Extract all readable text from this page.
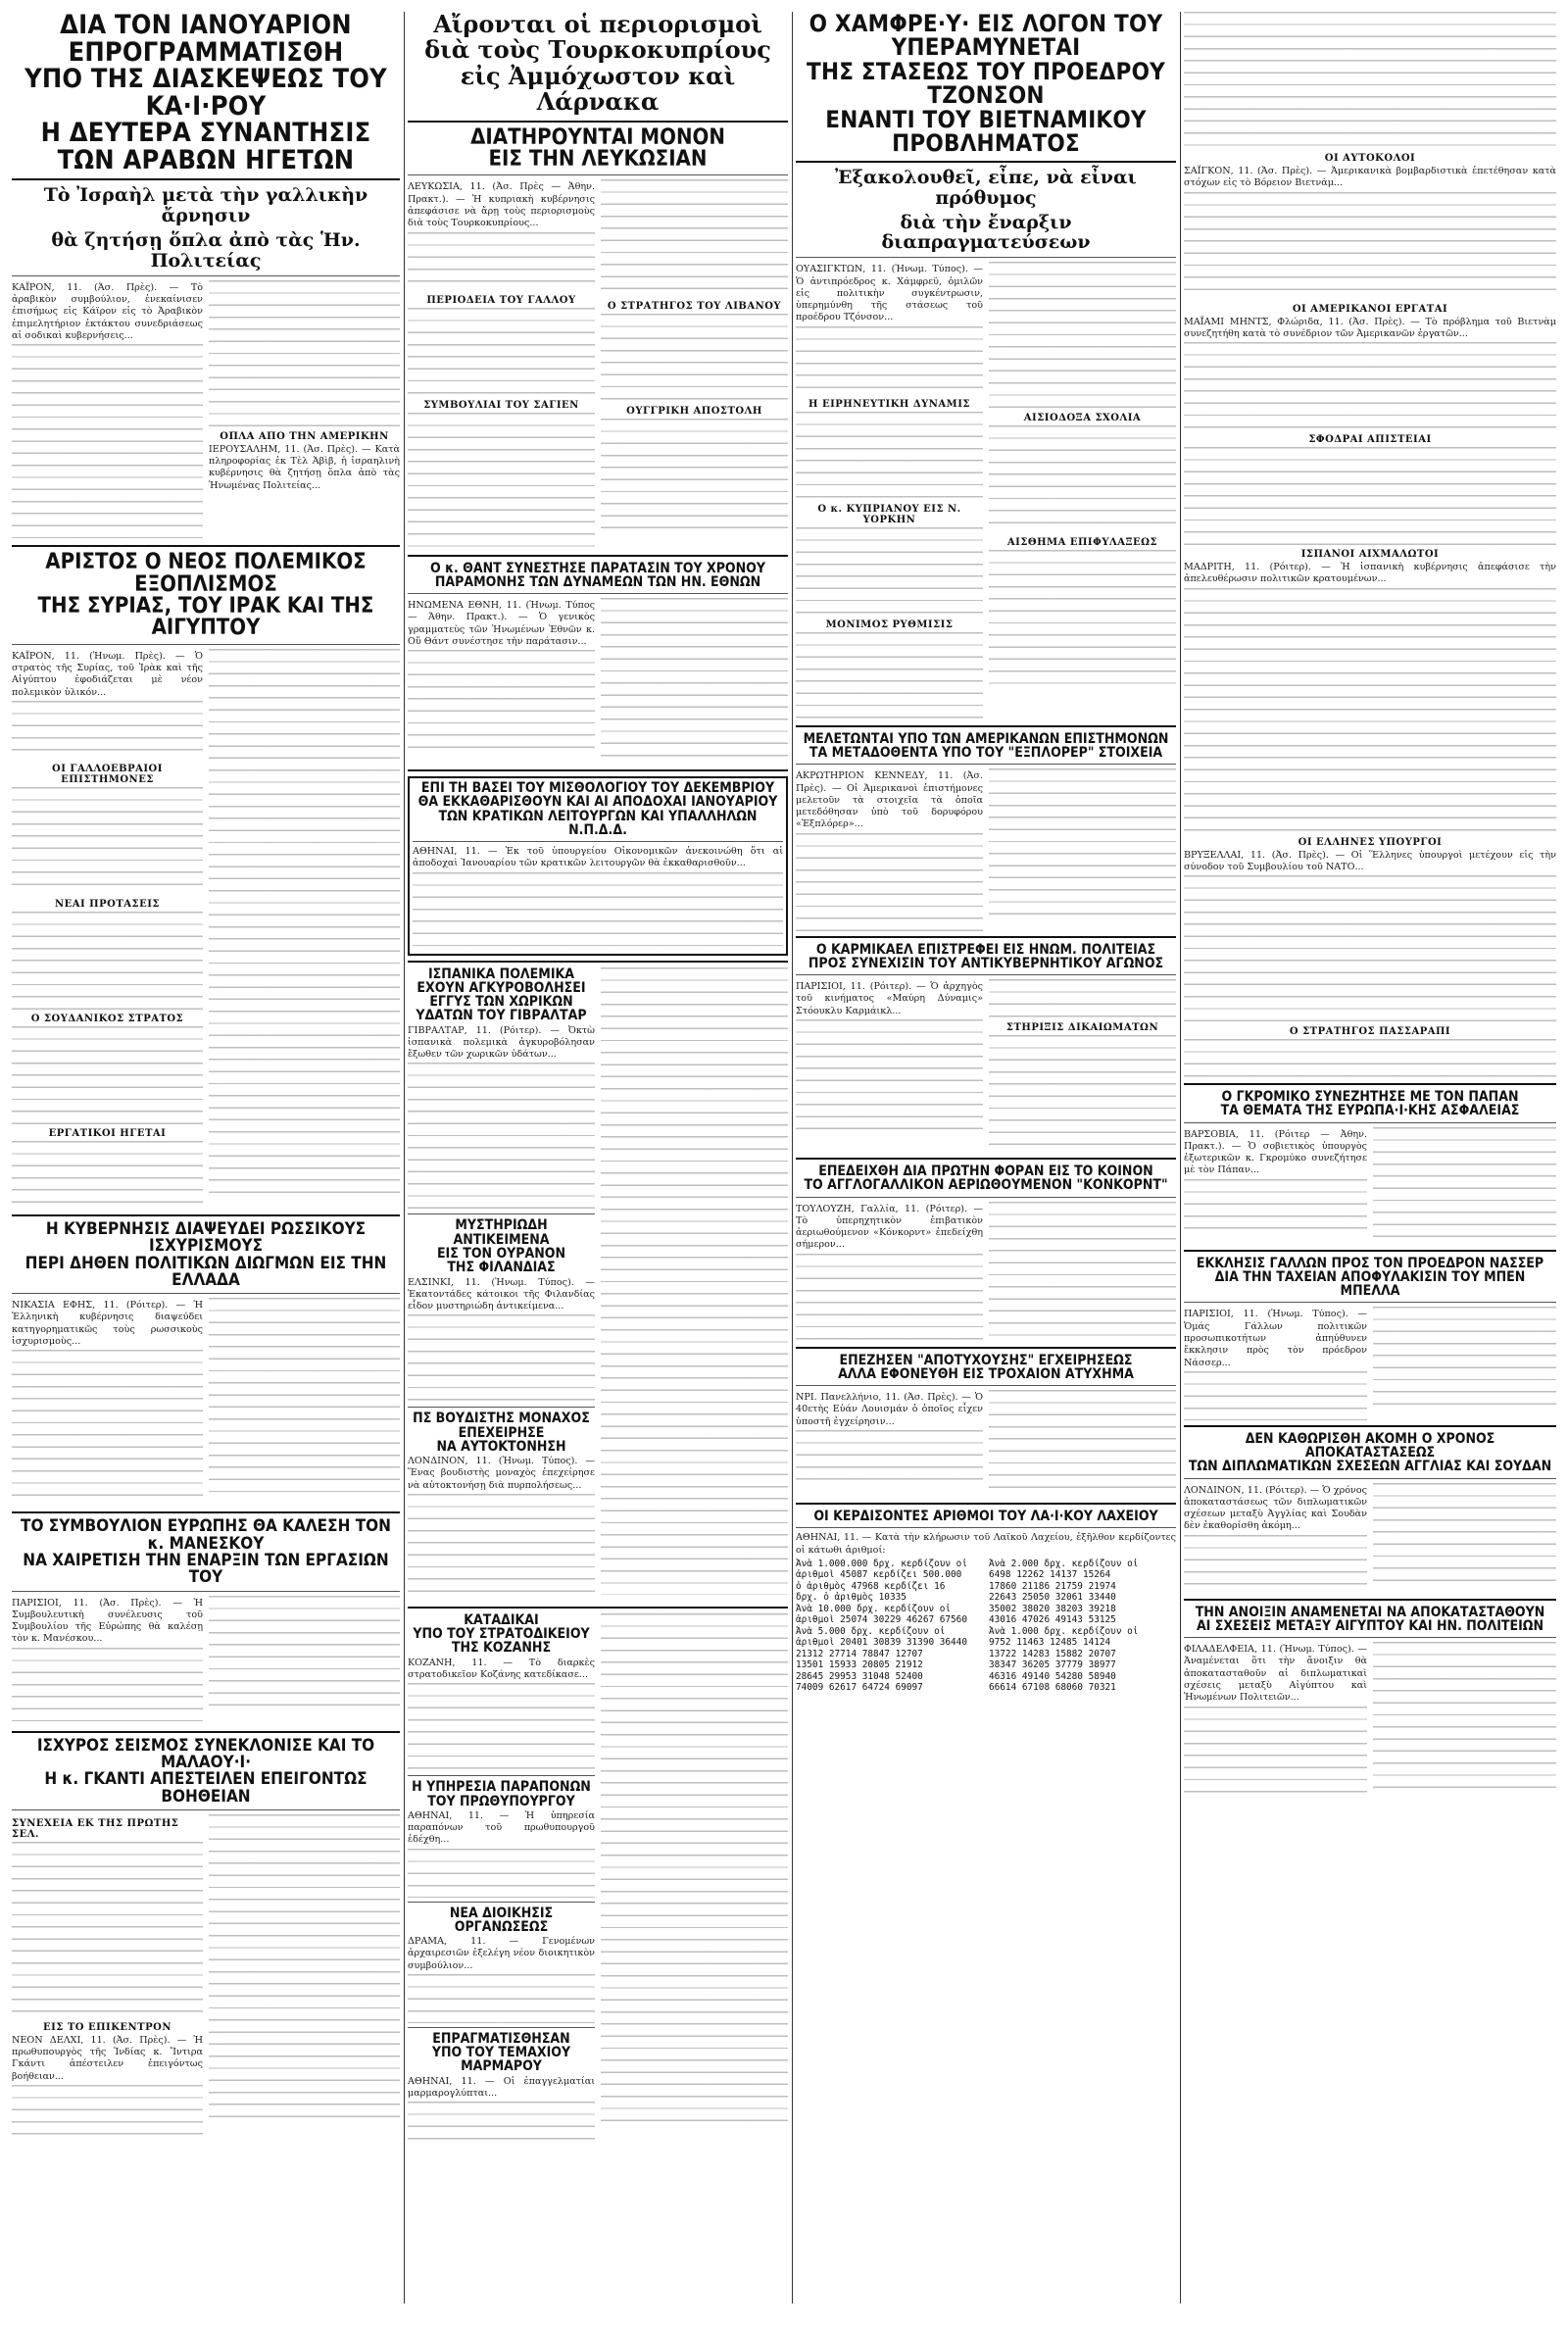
ΔΙΑ ΤΟΝ ΙΑΝΟΥΑΡΙΟΝ ΕΠΡΟΓΡΑΜΜΑΤΙΣΘΗ
ΥΠΟ ΤΗΣ ΔΙΑΣΚΕΨΕΩΣ ΤΟΥ ΚΑ·Ι·ΡΟΥ
Η ΔΕΥΤΕΡΑ ΣΥΝΑΝΤΗΣΙΣ ΤΩΝ ΑΡΑΒΩΝ ΗΓΕΤΩΝ
Τὸ Ἰσραὴλ μετὰ τὴν γαλλικὴν ἄρνησιν
θὰ ζητήσῃ ὅπλα ἀπὸ τὰς Ἡν. Πολιτείας

ΚΑΪΡΟΝ, 11. (Ἀσ. Πρὲς). — Τὸ ἀραβικὸν συμβούλιον, ἐνεκαίνισεν ἐπισήμως εἰς Κάϊρον εἰς τὸ Ἀραβικὸν ἐπιμελητήριον ἐκτάκτου συνεδριάσεως αἱ σοδικαὶ κυβερνήσεις...

ΟΠΛΑ ΑΠΟ ΤΗΝ ΑΜΕΡΙΚΗΝ

ΙΕΡΟΥΣΑΛΗΜ, 11. (Ἀσ. Πρὲς). — Κατὰ πληροφορίας ἐκ Τὲλ Ἀβὶβ, ἡ ἰσραηλινὴ κυβέρνησις θὰ ζητήσῃ ὅπλα ἀπὸ τὰς Ἡνωμένας Πολιτείας...

ΑΡΙΣΤΟΣ Ο ΝΕΟΣ ΠΟΛΕΜΙΚΟΣ ΕΞΟΠΛΙΣΜΟΣ
ΤΗΣ ΣΥΡΙΑΣ, ΤΟΥ ΙΡΑΚ ΚΑΙ ΤΗΣ ΑΙΓΥΠΤΟΥ

ΚΑΪΡΟΝ, 11. (Ἠνωμ. Πρὲς). — Ὁ στρατὸς τῆς Συρίας, τοῦ Ἰρὰκ καὶ τῆς Αἰγύπτου ἐφοδιάζεται μὲ νέον πολεμικὸν ὑλικόν...

ΟΙ ΓΑΛΛΟΕΒΡΑΙΟΙ ΕΠΙΣΤΗΜΟΝΕΣ
ΝΕΑΙ ΠΡΟΤΑΣΕΙΣ
Ο ΣΟΥΔΑΝΙΚΟΣ ΣΤΡΑΤΟΣ
ΕΡΓΑΤΙΚΟΙ ΗΓΕΤΑΙ
Η ΚΥΒΕΡΝΗΣΙΣ ΔΙΑΨΕΥΔΕΙ ΡΩΣΣΙΚΟΥΣ ΙΣΧΥΡΙΣΜΟΥΣ
ΠΕΡΙ ΔΗΘΕΝ ΠΟΛΙΤΙΚΩΝ ΔΙΩΓΜΩΝ ΕΙΣ ΤΗΝ ΕΛΛΑΔΑ

ΝΙΚΑΣΙΑ ΕΦΗΣ, 11. (Ρόιτερ). — Ἡ Ἑλληνικὴ κυβέρνησις διαψεύδει κατηγορηματικῶς τοὺς ρωσσικοὺς ἰσχυρισμοὺς...

ΤΟ ΣΥΜΒΟΥΛΙΟΝ ΕΥΡΩΠΗΣ ΘΑ ΚΑΛΕΣΗ ΤΟΝ κ. ΜΑΝΕΣΚΟΥ
ΝΑ ΧΑΙΡΕΤΙΣΗ ΤΗΝ ΕΝΑΡΞΙΝ ΤΩΝ ΕΡΓΑΣΙΩΝ ΤΟΥ

ΠΑΡΙΣΙΟΙ, 11. (Ἀσ. Πρὲς). — Ἡ Συμβουλευτικὴ συνέλευσις τοῦ Συμβουλίου τῆς Εὐρώπης θὰ καλέσῃ τὸν κ. Μανέσκου...

ΙΣΧΥΡΟΣ ΣΕΙΣΜΟΣ ΣΥΝΕΚΛΟΝΙΣΕ ΚΑΙ ΤΟ ΜΑΛΑΟΥ·Ι·
Η κ. ΓΚΑΝΤΙ ΑΠΕΣΤΕΙΛΕΝ ΕΠΕΙΓΟΝΤΩΣ ΒΟΗΘΕΙΑΝ
ΣΥΝΕΧΕΙΑ ΕΚ ΤΗΣ ΠΡΩΤΗΣ ΣΕΛ.
ΕΙΣ ΤΟ ΕΠΙΚΕΝΤΡΟΝ

ΝΕΟΝ ΔΕΛΧΙ, 11. (Ἀσ. Πρὲς). — Ἡ πρωθυπουργὸς τῆς Ἰνδίας κ. Ἴντιρα Γκάντι ἀπέστειλεν ἐπειγόντως βοήθειαν...

Αἴρονται οἱ περιορισμοὶ
διὰ τοὺς Τουρκοκυπρίους
εἰς Ἀμμόχωστον καὶ Λάρνακα
ΔΙΑΤΗΡΟΥΝΤΑΙ ΜΟΝΟΝ
ΕΙΣ ΤΗΝ ΛΕΥΚΩΣΙΑΝ

ΛΕΥΚΩΣΙΑ, 11. (Ἀσ. Πρὲς — Ἀθην. Πρακτ.). — Ἡ κυπριακὴ κυβέρνησις ἀπεφάσισε νὰ ἄρῃ τοὺς περιορισμοὺς διὰ τοὺς Τουρκοκυπρίους...

ΠΕΡΙΟΔΕΙΑ ΤΟΥ ΓΑΛΛΟΥ
ΣΥΜΒΟΥΛΙΑΙ ΤΟΥ ΣΑΓΙΕΝ
Ο ΣΤΡΑΤΗΓΟΣ ΤΟΥ ΛΙΒΑΝΟΥ
ΟΥΓΓΡΙΚΗ ΑΠΟΣΤΟΛΗ
Ο κ. ΘΑΝΤ ΣΥΝΕΣΤΗΣΕ ΠΑΡΑΤΑΣΙΝ ΤΟΥ ΧΡΟΝΟΥ
ΠΑΡΑΜΟΝΗΣ ΤΩΝ ΔΥΝΑΜΕΩΝ ΤΩΝ ΗΝ. ΕΘΝΩΝ

ΗΝΩΜΕΝΑ ΕΘΝΗ, 11. (Ἠνωμ. Τύπος — Ἀθην. Πρακτ.). — Ὁ γενικὸς γραμματεὺς τῶν Ἡνωμένων Ἐθνῶν κ. Οὔ Θάντ συνέστησε τὴν παράτασιν...

ΕΠΙ ΤΗ ΒΑΣΕΙ ΤΟΥ ΜΙΣΘΟΛΟΓΙΟΥ ΤΟΥ ΔΕΚΕΜΒΡΙΟΥ
ΘΑ ΕΚΚΑΘΑΡΙΣΘΟΥΝ ΚΑΙ ΑΙ ΑΠΟΔΟΧΑΙ ΙΑΝΟΥΑΡΙΟΥ
ΤΩΝ ΚΡΑΤΙΚΩΝ ΛΕΙΤΟΥΡΓΩΝ ΚΑΙ ΥΠΑΛΛΗΛΩΝ Ν.Π.Δ.Δ.

ΑΘΗΝΑΙ, 11. — Ἐκ τοῦ ὑπουργείου Οἰκονομικῶν ἀνεκοινώθη ὅτι αἱ ἀποδοχαὶ Ἰανουαρίου τῶν κρατικῶν λειτουργῶν θὰ ἐκκαθαρισθοῦν...

ΙΣΠΑΝΙΚΑ ΠΟΛΕΜΙΚΑ
ΕΧΟΥΝ ΑΓΚΥΡΟΒΟΛΗΣΕΙ
ΕΓΓΥΣ ΤΩΝ ΧΩΡΙΚΩΝ
ΥΔΑΤΩΝ ΤΟΥ ΓΙΒΡΑΛΤΑΡ

ΓΙΒΡΑΛΤΑΡ, 11. (Ρόιτερ). — Ὀκτὼ ἱσπανικὰ πολεμικὰ ἀγκυροβόλησαν ἔξωθεν τῶν χωρικῶν ὑδάτων...

ΜΥΣΤΗΡΙΩΔΗ ΑΝΤΙΚΕΙΜΕΝΑ
ΕΙΣ ΤΟΝ ΟΥΡΑΝΟΝ
ΤΗΣ ΦΙΛΑΝΔΙΑΣ

ΕΛΣΙΝΚΙ, 11. (Ἠνωμ. Τύπος). — Ἑκατοντάδες κάτοικοι τῆς Φιλανδίας εἶδον μυστηριώδη ἀντικείμενα...

ΠΣ ΒΟΥΔΙΣΤΗΣ ΜΟΝΑΧΟΣ
ΕΠΕΧΕΙΡΗΣΕ
ΝΑ ΑΥΤΟΚΤΟΝΗΣΗ

ΛΟΝΔΙΝΟΝ, 11. (Ἠνωμ. Τύπος). — Ἕνας βουδιστὴς μοναχὸς ἐπεχείρησε νὰ αὐτοκτονήσῃ διὰ πυρπολήσεως...

ΚΑΤΑΔΙΚΑΙ
ΥΠΟ ΤΟΥ ΣΤΡΑΤΟΔΙΚΕΙΟΥ
ΤΗΣ ΚΟΖΑΝΗΣ

ΚΟΖΑΝΗ, 11. — Τὸ διαρκὲς στρατοδικεῖον Κοζάνης κατεδίκασε...

Η ΥΠΗΡΕΣΙΑ ΠΑΡΑΠΟΝΩΝ
ΤΟΥ ΠΡΩΘΥΠΟΥΡΓΟΥ

ΑΘΗΝΑΙ, 11. — Ἡ ὑπηρεσία παραπόνων τοῦ πρωθυπουργοῦ ἐδέχθη...

ΝΕΑ ΔΙΟΙΚΗΣΙΣ
ΟΡΓΑΝΩΣΕΩΣ

ΔΡΑΜΑ, 11. — Γενομένων ἀρχαιρεσιῶν ἐξελέγη νέον διοικητικὸν συμβούλιον...

ΕΠΡΑΓΜΑΤΙΣΘΗΣΑΝ
ΥΠΟ ΤΟΥ ΤΕΜΑΧΙΟΥ ΜΑΡΜΑΡΟΥ

ΑΘΗΝΑΙ, 11. — Οἱ ἐπαγγελματίαι μαρμαρογλύπται...

Ο ΧΑΜΦΡΕ·Υ· ΕΙΣ ΛΟΓΟΝ ΤΟΥ ΥΠΕΡΑΜΥΝΕΤΑΙ
ΤΗΣ ΣΤΑΣΕΩΣ ΤΟΥ ΠΡΟΕΔΡΟΥ ΤΖΟΝΣΟΝ
ΕΝΑΝΤΙ ΤΟΥ ΒΙΕΤΝΑΜΙΚΟΥ ΠΡΟΒΛΗΜΑΤΟΣ
Ἐξακολουθεῖ, εἶπε, νὰ εἶναι πρόθυμος
διὰ τὴν ἔναρξιν διαπραγματεύσεων

ΟΥΑΣΙΓΚΤΩΝ, 11. (Ἠνωμ. Τύπος). — Ὁ ἀντιπρόεδρος κ. Χάμφρεϋ, ὁμιλῶν εἰς πολιτικὴν συγκέντρωσιν, ὑπερημύνθη τῆς στάσεως τοῦ προέδρου Τζόνσον...

Η ΕΙΡΗΝΕΥΤΙΚΗ ΔΥΝΑΜΙΣ
Ο κ. ΚΥΠΡΙΑΝΟΥ ΕΙΣ Ν. ΥΟΡΚΗΝ
ΜΟΝΙΜΟΣ ΡΥΘΜΙΣΙΣ
ΑΙΣΙΟΔΟΞΑ ΣΧΟΛΙΑ
ΑΙΣΘΗΜΑ ΕΠΙΦΥΛΑΞΕΩΣ
ΜΕΛΕΤΩΝΤΑΙ ΥΠΟ ΤΩΝ ΑΜΕΡΙΚΑΝΩΝ ΕΠΙΣΤΗΜΟΝΩΝ
ΤΑ ΜΕΤΑΔΟΘΕΝΤΑ ΥΠΟ ΤΟΥ "ΕΞΠΛΟΡΕΡ" ΣΤΟΙΧΕΙΑ

ΑΚΡΩΤΗΡΙΟΝ ΚΕΝΝΕΔΥ, 11. (Ἀσ. Πρὲς). — Οἱ Ἀμερικανοὶ ἐπιστήμονες μελετοῦν τὰ στοιχεῖα τὰ ὁποῖα μετεδόθησαν ὑπὸ τοῦ δορυφόρου «Ἐξπλόρερ»...

Ο ΚΑΡΜΙΚΑΕΛ ΕΠΙΣΤΡΕΦΕΙ ΕΙΣ ΗΝΩΜ. ΠΟΛΙΤΕΙΑΣ
ΠΡΟΣ ΣΥΝΕΧΙΣΙΝ ΤΟΥ ΑΝΤΙΚΥΒΕΡΝΗΤΙΚΟΥ ΑΓΩΝΟΣ

ΠΑΡΙΣΙΟΙ, 11. (Ρόιτερ). — Ὁ ἀρχηγὸς τοῦ κινήματος «Μαύρη Δύναμις» Στόουκλυ Καρμάικλ...

ΣΤΗΡΙΞΙΣ ΔΙΚΑΙΩΜΑΤΩΝ
ΕΠΕΔΕΙΧΘΗ ΔΙΑ ΠΡΩΤΗΝ ΦΟΡΑΝ ΕΙΣ ΤΟ ΚΟΙΝΟΝ
ΤΟ ΑΓΓΛΟΓΑΛΛΙΚΟΝ ΑΕΡΙΩΘΟΥΜΕΝΟΝ "ΚΟΝΚΟΡΝΤ"

ΤΟΥΛΟΥΖΗ, Γαλλία, 11. (Ρόιτερ). — Τὸ ὑπερηχητικὸν ἐπιβατικὸν ἀεριωθούμενον «Κόνκορντ» ἐπεδείχθη σήμερον...

ΕΠΕΖΗΣΕΝ "ΑΠΟΤΥΧΟΥΣΗΣ" ΕΓΧΕΙΡΗΣΕΩΣ
ΑΛΛΑ ΕΦΟΝΕΥΘΗ ΕΙΣ ΤΡΟΧΑΙΟΝ ΑΤΥΧΗΜΑ

ΝΡΙ. Πανελλήνιο, 11. (Ἀσ. Πρὲς). — Ὁ 40ετὴς Εὐάν Λουισμάν ὁ ὁποῖος εἶχεν ὑποστῆ ἐγχείρησιν...

ΟΙ ΚΕΡΔΙΣΟΝΤΕΣ ΑΡΙΘΜΟΙ ΤΟΥ ΛΑ·Ι·ΚΟΥ ΛΑΧΕΙΟΥ

ΑΘΗΝΑΙ, 11. — Κατὰ τὴν κλήρωσιν τοῦ Λαϊκοῦ Λαχείου, ἐξῆλθον κερδίζοντες οἱ κάτωθι ἀριθμοί:

Ἀνὰ 1.000.000 δρχ. κερδίζουν οἱ
ἀριθμοὶ 45087 κερδίζει 500.000
ὁ ἀριθμὸς 47968 κερδίζει 16
δρχ. ὁ ἀριθμὸς 10335
Ἀνὰ 10.000 δρχ. κερδίζουν οἱ
ἀριθμοὶ 25074 30229 46267 67560
Ἀνὰ 5.000 δρχ. κερδίζουν οἱ
ἀριθμοὶ 20401 30839 31390 36440
21312 27714 78847 12707
13501 15933 20805 21912
28645 29953 31048 52400
74009 62617 64724 69097
Ἀνὰ 2.000 δρχ. κερδίζουν οἱ
6498 12262 14137 15264
17860 21186 21759 21974
22643 25050 32061 33440
35002 38020 38203 39218
43016 47026 49143 53125
Ἀνὰ 1.000 δρχ. κερδίζουν οἱ
9752 11463 12485 14124
13722 14283 15882 20707
38347 36205 37779 38977
46316 49140 54280 58940
66614 67108 68060 70321
ΟΙ ΑΥΤΟΚΟΛΟΙ

ΣΑΪΓΚΟΝ, 11. (Ἀσ. Πρὲς). — Ἀμερικανικὰ βομβαρδιστικὰ ἐπετέθησαν κατὰ στόχων εἰς τὸ Βόρειον Βιετνάμ...

ΟΙ ΑΜΕΡΙΚΑΝΟΙ ΕΡΓΑΤΑΙ

ΜΑΪΑΜΙ ΜΗΝΤΣ, Φλώριδα, 11. (Ἀσ. Πρὲς). — Τὸ πρόβλημα τοῦ Βιετνὰμ συνεζητήθη κατὰ τὸ συνέδριον τῶν Ἀμερικανῶν ἐργατῶν...

ΣΦΟΔΡΑΙ ΑΠΙΣΤΕΙΑΙ
ΙΣΠΑΝΟΙ ΑΙΧΜΑΛΩΤΟΙ

ΜΑΔΡΙΤΗ, 11. (Ρόιτερ). — Ἡ ἱσπανικὴ κυβέρνησις ἀπεφάσισε τὴν ἀπελευθέρωσιν πολιτικῶν κρατουμένων...

ΟΙ ΕΛΛΗΝΕΣ ΥΠΟΥΡΓΟΙ

ΒΡΥΞΕΛΛΑΙ, 11. (Ἀσ. Πρὲς). — Οἱ Ἕλληνες ὑπουργοὶ μετέχουν εἰς τὴν σύνοδον τοῦ Συμβουλίου τοῦ ΝΑΤΟ...

Ο ΣΤΡΑΤΗΓΟΣ ΠΑΣΣΑΡΑΠΙ
Ο ΓΚΡΟΜΙΚΟ ΣΥΝΕΖΗΤΗΣΕ ΜΕ ΤΟΝ ΠΑΠΑΝ
ΤΑ ΘΕΜΑΤΑ ΤΗΣ ΕΥΡΩΠΑ·Ι·ΚΗΣ ΑΣΦΑΛΕΙΑΣ

ΒΑΡΣΟΒΙΑ, 11. (Ρόιτερ — Ἀθην. Πρακτ.). — Ὁ σοβιετικὸς ὑπουργὸς ἐξωτερικῶν κ. Γκρομύκο συνεζήτησε μὲ τὸν Πάπαν...

ΕΚΚΛΗΣΙΣ ΓΑΛΛΩΝ ΠΡΟΣ ΤΟΝ ΠΡΟΕΔΡΟΝ ΝΑΣΣΕΡ
ΔΙΑ ΤΗΝ ΤΑΧΕΙΑΝ ΑΠΟΦΥΛΑΚΙΣΙΝ ΤΟΥ ΜΠΕΝ ΜΠΕΛΛΑ

ΠΑΡΙΣΙΟΙ, 11. (Ἠνωμ. Τύπος). — Ὁμάς Γάλλων πολιτικῶν προσωπικοτήτων ἀπηύθυνεν ἔκκλησιν πρὸς τὸν πρόεδρον Νάσσερ...

ΔΕΝ ΚΑΘΩΡΙΣΘΗ ΑΚΟΜΗ Ο ΧΡΟΝΟΣ ΑΠΟΚΑΤΑΣΤΑΣΕΩΣ
ΤΩΝ ΔΙΠΛΩΜΑΤΙΚΩΝ ΣΧΕΣΕΩΝ ΑΓΓΛΙΑΣ ΚΑΙ ΣΟΥΔΑΝ

ΛΟΝΔΙΝΟΝ, 11. (Ρόιτερ). — Ὁ χρόνος ἀποκαταστάσεως τῶν διπλωματικῶν σχέσεων μεταξὺ Ἀγγλίας καὶ Σουδὰν δὲν ἐκαθορίσθη ἀκόμη...

ΤΗΝ ΑΝΟΙΞΙΝ ΑΝΑΜΕΝΕΤΑΙ ΝΑ ΑΠΟΚΑΤΑΣΤΑΘΟΥΝ
ΑΙ ΣΧΕΣΕΙΣ ΜΕΤΑΞΥ ΑΙΓΥΠΤΟΥ ΚΑΙ ΗΝ. ΠΟΛΙΤΕΙΩΝ

ΦΙΛΑΔΕΛΦΕΙΑ, 11. (Ἠνωμ. Τύπος). — Ἀναμένεται ὅτι τὴν ἄνοιξιν θὰ ἀποκατασταθοῦν αἱ διπλωματικαὶ σχέσεις μεταξὺ Αἰγύπτου καὶ Ἡνωμένων Πολιτειῶν...
